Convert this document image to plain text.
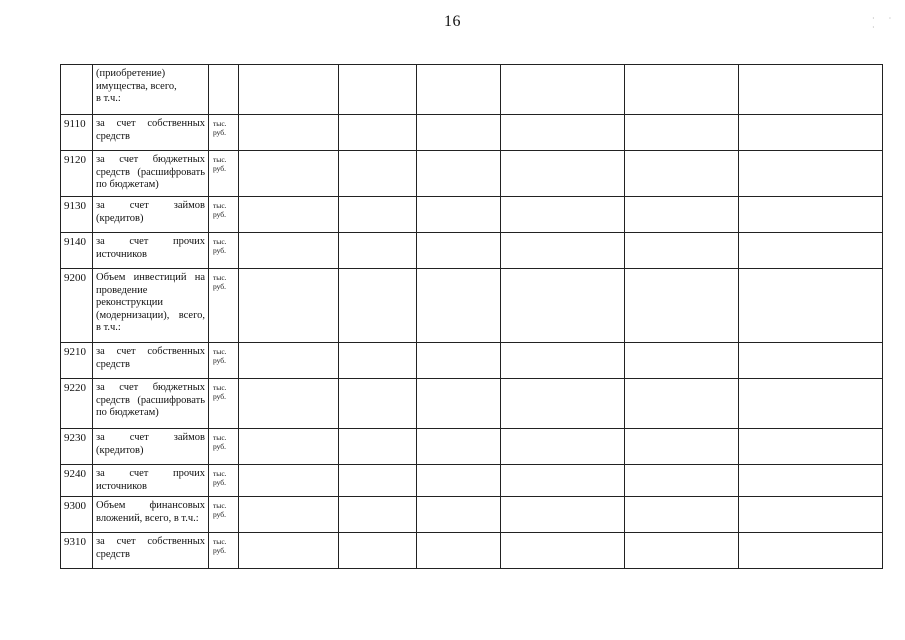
16	· · ·
	(приобретение)
имущества, всего,
в т.ч.:							
9110	за счет собственных средств	тыс.
руб.						
9120	за счет бюджетных средств (расшифровать по бюджетам)	тыс.
руб.						
9130	за счет займов (кредитов)	тыс.
руб.						
9140	за счет прочих источников	тыс.
руб.						
9200	Объем инвестиций на проведение реконструкции (модернизации), всего, в т.ч.:	тыс.
руб.						
9210	за счет собственных средств	тыс.
руб.						
9220	за счет бюджетных средств (расшифровать по бюджетам)	тыс.
руб.						
9230	за счет займов (кредитов)	тыс.
руб.						
9240	за счет прочих источников	тыс.
руб.						
9300	Объем финансовых вложений, всего, в т.ч.:	тыс.
руб.						
9310	за счет собственных средств	тыс.
руб.						
